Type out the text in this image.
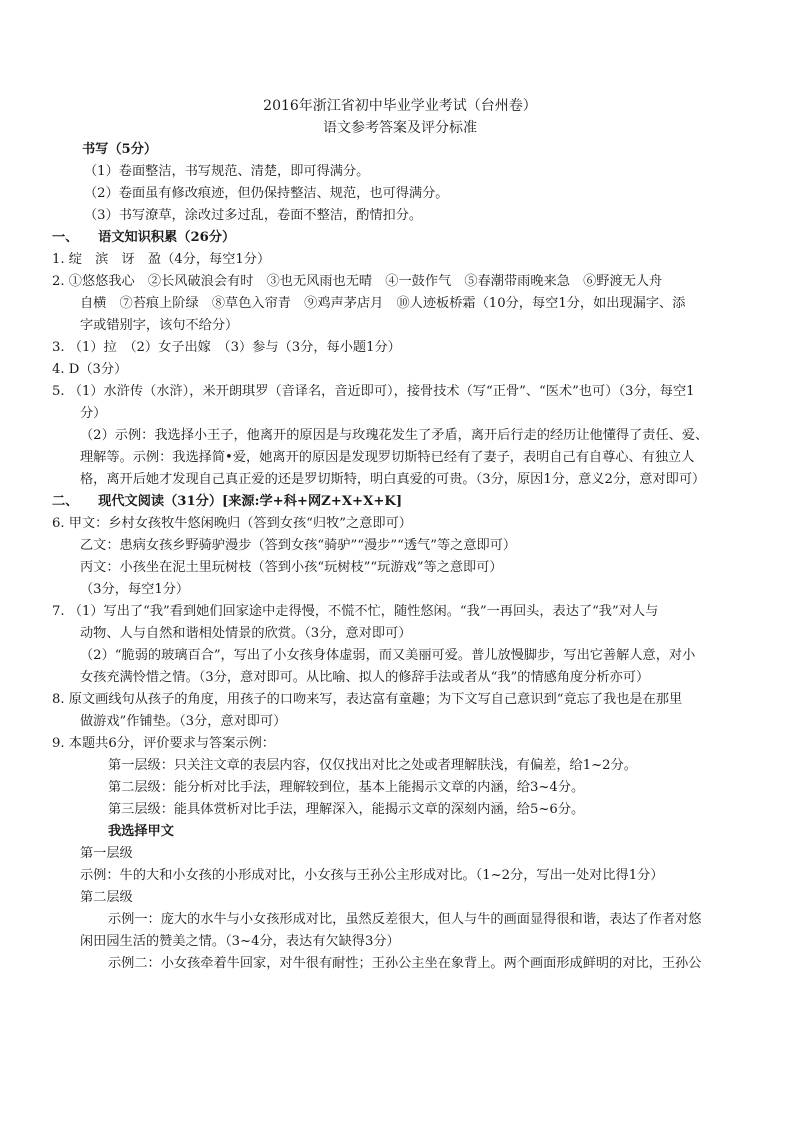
2016年浙江省初中毕业学业考试（台州卷）
语文参考答案及评分标准
书写（5分）
（1）卷面整洁，书写规范、清楚，即可得满分。
（2）卷面虽有修改痕迹，但仍保持整洁、规范，也可得满分。
（3）书写潦草，涂改过多过乱，卷面不整洁，酌情扣分。
一、　　语文知识积累（26分）
1. 绽　滨　讶　盈（4分，每空1分）
2. ①悠悠我心　②长风破浪会有时　③也无风雨也无晴　④一鼓作气　⑤春潮带雨晚来急　⑥野渡无人舟
自横　⑦苔痕上阶绿　⑧草色入帘青　⑨鸡声茅店月　⑩人迹板桥霜（10分，每空1分，如出现漏字、添
字或错别字，该句不给分）
3. （1）拉　（2）女子出嫁　（3）参与（3分，每小题1分）
4. D（3分）
5. （1）水浒传（水浒），米开朗琪罗（音译名，音近即可），接骨技术（写“正骨”、“医术”也可）（3分，每空1
分）
（2）示例：我选择小王子，他离开的原因是与玫瑰花发生了矛盾，离开后行走的经历让他懂得了责任、爱、
理解等。示例：我选择简•爱，她离开的原因是发现罗切斯特已经有了妻子，表明自己有自尊心、有独立人
格，离开后她才发现自己真正爱的还是罗切斯特，明白真爱的可贵。（3分，原因1分，意义2分，意对即可）
二、　　现代文阅读（31分）[来源:学+科+网Z+X+X+K]
6. 甲文：乡村女孩牧牛悠闲晚归（答到女孩“归牧”之意即可）
乙文：患病女孩乡野骑驴漫步（答到女孩“骑驴”“漫步”“透气”等之意即可）
丙文：小孩坐在泥土里玩树枝（答到小孩“玩树枝”“玩游戏”等之意即可）
（3分，每空1分）
7. （1）写出了“我”看到她们回家途中走得慢，不慌不忙，随性悠闲。“我”一再回头，表达了“我”对人与
动物、人与自然和谐相处情景的欣赏。（3分，意对即可）
（2）“脆弱的玻璃百合”，写出了小女孩身体虚弱，而又美丽可爱。普儿放慢脚步，写出它善解人意，对小
女孩充满怜惜之情。（3分，意对即可。从比喻、拟人的修辞手法或者从“我”的情感角度分析亦可）
8. 原文画线句从孩子的角度，用孩子的口吻来写，表达富有童趣；为下文写自己意识到“竟忘了我也是在那里
做游戏”作铺垫。（3分，意对即可）
9. 本题共6分，评价要求与答案示例：
第一层级：只关注文章的表层内容，仅仅找出对比之处或者理解肤浅，有偏差，给1~2分。
第二层级：能分析对比手法，理解较到位，基本上能揭示文章的内涵，给3~4分。
第三层级：能具体赏析对比手法，理解深入，能揭示文章的深刻内涵，给5~6分。
我选择甲文
第一层级
示例：牛的大和小女孩的小形成对比，小女孩与王孙公主形成对比。（1~2分，写出一处对比得1分）
第二层级
示例一：庞大的水牛与小女孩形成对比，虽然反差很大，但人与牛的画面显得很和谐，表达了作者对悠
闲田园生活的赞美之情。（3~4分，表达有欠缺得3分）
示例二：小女孩牵着牛回家，对牛很有耐性；王孙公主坐在象背上。两个画面形成鲜明的对比，王孙公
